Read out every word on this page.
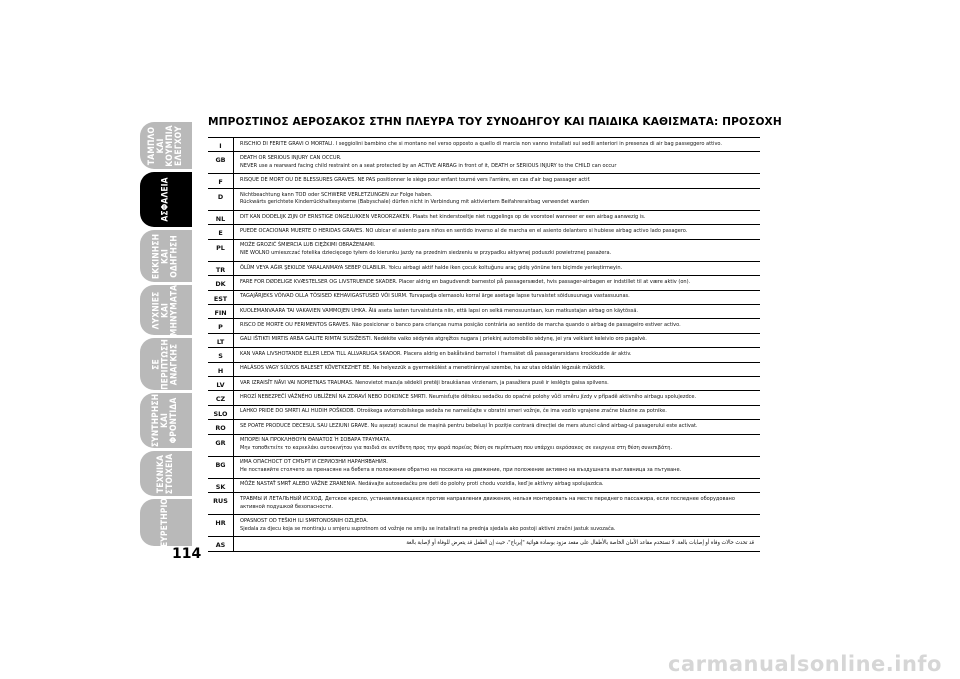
ΤΑΜΠΛΟ ΚΑΙ
ΚΟΥΜΠΙΑ
ΕΛΕΓΧΟΥ
ΑΣΦΑΛΕΙΑ
ΕΚΚΙΝΗΣΗ
ΚΑΙ ΟΔΗΓΗΣΗ
ΛΥΧΝΙΕΣ ΚΑΙ
ΜΗΝΥΜΑΤΑ
ΣΕ ΠΕΡΙΠΤΩΣΗ
ΑΝΑΓΚΗΣ
ΣΥΝΤΗΡΗΣΗ
ΚΑΙ ΦΡΟΝΤΙΔΑ
ΤΕΧΝΙΚΑ
ΣΤΟΙΧΕΙΑ
ΕΥΡΕΤΗΡΙΟ
114
ΜΠΡΟΣΤΙΝΟΣ ΑΕΡΟΣΑΚΟΣ ΣΤΗΝ ΠΛΕΥΡΑ ΤΟΥ ΣΥΝΟΔΗΓΟΥ ΚΑΙ ΠΑΙΔΙΚΑ ΚΑΘΙΣΜΑΤΑ: ΠΡΟΣΟΧΗ
I	RISCHIO DI FERITE GRAVI O MORTALI. I seggiolini bambino che si montano nel verso opposto a quello di marcia non vanno installati sui sedili anteriori in presenza di air bag passeggero attivo.
GB	DEATH OR SERIOUS INJURY CAN OCCUR.
NEVER use a rearward facing child restraint on a seat protected by an ACTIVE AIRBAG in front of it, DEATH or SERIOUS INJURY to the CHILD can occur
F	RISQUE DE MORT OU DE BLESSURES GRAVES. NE PAS positionner le siège pour enfant tourné vers l'arrière, en cas d'air bag passager actif.
D	Nichtbeachtung kann TOD oder SCHWERE VERLETZUNGEN zur Folge haben.
Rückwärts gerichtete Kinderrückhaltesysteme (Babyschale) dürfen nicht in Verbindung mit aktiviertem Beifahrerairbag verwendet warden
NL	DIT KAN DODELIJK ZIJN OF ERNSTIGE ONGELUKKEN VEROORZAKEN. Plaats het kinderstoeltje niet ruggelings op de voorstoel wanneer er een airbag aanwezig is.
E	PUEDE OCACIONAR MUERTE O HERIDAS GRAVES. NO ubicar el asiento para niños en sentido inverso al de marcha en el asiento delantero si hubiese airbag activo lado pasagero.
PL	MOŻE GROZIĆ ŚMIERCIA LUB CIĘŻKIMI OBRAŻENIAMI.
NIE WOLNO umieszczać fotelika dziecięcego tyłem do kierunku jazdy na przednim siedzeniu w przypadku aktywnej poduszki powietrznej pasażera.
TR	ÖLÜM VEYA AĞIR ŞEKILDE YARALANMAYA SEBEP OLABILIR. Yolcu airbagi aktif halde iken çocuk koltuğunu araç gidiş yönüne ters biçimde yerleştirmeyin.
DK	FARE FOR DØDELIGE KVÆSTELSER OG LIVSTRUENDE SKADER. Placer aldrig en bagudvendt barnestol på passagersædet, hvis passager-airbagen er indstillet til at være aktiv (on).
EST	TAGAJÄRJEKS VÕIVAD OLLA TÕSISED KEHAVIGASTUSED VÕI SURM. Turvapadja olemasolu korral ärge asetage lapse turvaistet sõidusuunaga vastassuunas.
FIN	KUOLEMANVAARA TAI VAKAVIEN VAMMOJEN UHKA. Älä aseta lasten turvaistuinta niin, että lapsi on selkä menosuuntaan, kun matkustajan airbag on käytössä.
P	RISCO DE MORTE OU FERIMENTOS GRAVES. Não posicionar o banco para crianças numa posição contrária ao sentido de marcha quando o airbag de passageiro estiver activo.
LT	GALI IŠTIKTI MIRTIS ARBA GALITE RIMTAI SUSIŽEISTI. Nedėkite vaiko sėdynės atgręžtos nugara į priekinį automobilio sėdynę, jei yra veikiant keleivio oro pagalvė.
S	KAN VARA LIVSHOTANDE ELLER LEDA TILL ALLVARLIGA SKADOR. Placera aldrig en bakåtvänd barnstol i framsätet då passagerarsidans krockkudde är aktiv.
H	HALÁSOS VAGY SÚLYOS BALESET KÖVETKEZHET BE. Ne helyezzük a gyermekülést a menetiránnyal szembe, ha az utas oldalán légzsák működik.
LV	VAR IZRAISĪT NĀVI VAI NOPIETNAS TRAUMAS. Nenovietot mazuļa sēdekli pretēji braukšanas virzienam, ja pasažiera pusē ir ieslēgts gaisa spilvens.
CZ	HROZÍ NEBEZPEČÍ VÁŽNÉHO UBLÍŽENÍ NA ZDRAVÍ NEBO DOKONCE SMRTI. Neumisťujte dětskou sedačku do opačné polohy vůči směru jízdy v případě aktivního airbagu spolujezdce.
SLO	LAHKO PRIDE DO SMRTI ALI HUDIH POŠKODB. Otroškega avtomobilskega sedeža ne nameščajte v obratni smeri vožnje, če ima vozilo vgrajene zračne blazine za potnike.
RO	SE POATE PRODUCE DECESUL SAU LEZIUNI GRAVE. Nu așezați scaunul de mașină pentru bebeluși în poziție contrară direcției de mers atunci când airbag-ul pasagerului este activat.
GR	ΜΠΟΡΕΙ ΝΑ ΠΡΟΚΛΗΘΟΥΝ ΘΑΝΑΤΟΣ Ή ΣΟΒΑΡΑ ΤΡΑΥΜΑΤΑ.
Μην τοποθετείτε το καρεκλάκι αυτοκινήτου για παιδιά σε αντίθετη προς την φορά πορείας θέση σε περίπτωση που υπάρχει αερόσακος σε ενεργεια στη θέση συνεπιβάτη.
BG	ИМА ОПАСНОСТ ОТ СМЪРТ И СЕРИОЗНИ НАРАНЯВАНИЯ.
Не поставяйте столчето за пренасяне на бебета в положение обратно на посоката на движение, при положение активно на въздушната възглавница за пътуване.
SK	MÔŽE NASTAŤ SMRŤ ALEBO VÁŽNE ZRANENIA. Nedávajte autosedačku pre deti do polohy proti chodu vozidla, keď je aktívny airbag spolujazdca.
RUS	ТРАВМЫ И ЛЕТАЛЬНЫЙ ИСХОД. Детское кресло, устанавливающееся против направления движения, нельзя монтировать на месте переднего пассажира, если последнее оборудовано активной подушкой безопасности.
HR	OPASNOST OD TEŠKIH ILI SMRTONOSNIH OZLJEDA.
Sjedala za djecu koja se montiraju u smjeru suprotnom od vožnje ne smiju se instalirati na prednja sjedala ako postoji aktivni zračni jastuk suvozača.
AS	قد تحدث حالات وفاة أو إصابات بالغة. لا تستخدم مقاعد الأمان الخاصة بالأطفال على مقعد مزود بوسادة هوائية "إيرباج"، حيث إن الطفل قد يتعرض للوفاة أو لإصابة بالغة
carmanualsonline.info
